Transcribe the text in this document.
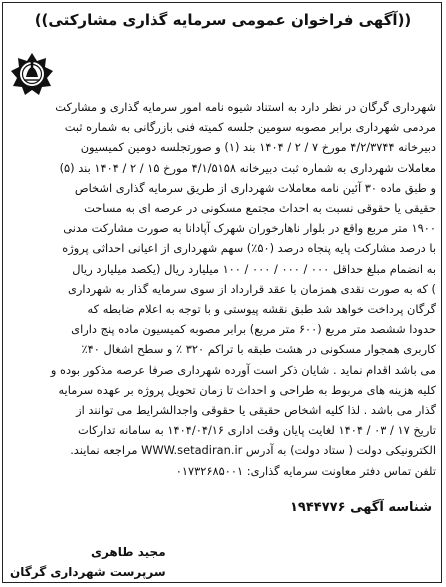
((آگهی فراخوان عمومی سرمایه گذاری مشارکتی))
شهرداری گرگان در نظر دارد به استناد شیوه نامه امور سرمایه گذاری و مشارکت
مردمی شهرداری برابر مصوبه سومین جلسه کمیته فنی بازرگانی به شماره ثبت
دبیرخانه ۴/۲/۳۷۴۴ مورخ ۷ / ۲ / ۱۴۰۴ بند (۱) و صورتجلسه دومین کمیسیون
معاملات شهرداری به شماره ثبت دبیرخانه ۴/۱/۵۱۵۸ مورخ ۱۵ / ۲ / ۱۴۰۴ بند (۵)
و طبق ماده ۳۰ آئین نامه معاملات شهرداری از طریق سرمایه گذاری اشخاص
حقیقی یا حقوقی نسبت به احداث مجتمع مسکونی در عرصه ای به مساحت
۱۹۰۰ متر مربع واقع در بلوار ناهارخوران شهرک آپادانا به صورت مشارکت مدنی
با درصد مشارکت پایه پنجاه درصد (۵۰٪) سهم شهرداری از اعیانی احداثی پروژه
به انضمام مبلغ حداقل ۰۰۰ / ۰۰۰ / ۰۰۰ / ۱۰۰ میلیارد ریال (یکصد میلیارد ریال
) که به صورت نقدی همزمان با عقد قرارداد از سوی سرمایه گذار به شهرداری
گرگان پرداخت خواهد شد طبق نقشه پیوستی و با توجه به اعلام ضابطه که
حدودا ششصد متر مربع (۶۰۰ متر مربع) برابر مصوبه کمیسیون ماده پنج دارای
کاربری همجوار مسکونی در هشت طبقه با تراکم ۳۲۰ ٪ و سطح اشغال ۴۰٪
می باشد اقدام نماید . شایان ذکر است آورده شهرداری صرفا عرصه مذکور بوده و
کلیه هزینه های مربوط به طراحی و احداث تا زمان تحویل پروژه بر عهده سرمایه
گذار می باشد . لذا کلیه اشخاص حقیقی یا حقوقی واجدالشرایط می توانند از
تاریخ ۱۷ / ۰۳ / ۱۴۰۴ لغایت پایان وقت اداری ۱۴۰۴/۰۴/۱۶ به سامانه تدارکات
الکترونیکی دولت ( ستاد دولت) به آدرس WWW.setadiran.ir مراجعه نمایند.
تلفن تماس دفتر معاونت سرمایه گذاری: ۰۱۷۳۲۶۸۵۰۰۱
شناسه آگهی ۱۹۴۴۷۷۶
مجید طاهری
سرپرست شهرداری گرگان
